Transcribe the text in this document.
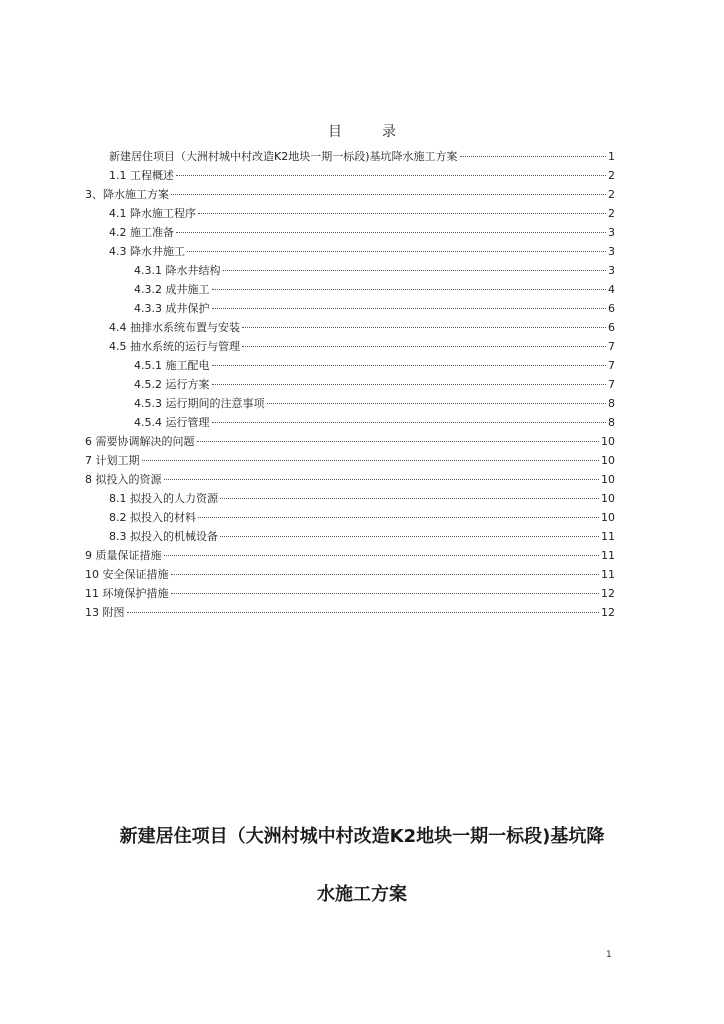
目	录
新建居住项目（大洲村城中村改造K2地块一期一标段)基坑降水施工方案	1
1.1 工程概述	2
3、降水施工方案	2
4.1 降水施工程序	2
4.2 施工准备	3
4.3 降水井施工	3
4.3.1 降水井结构	3
4.3.2 成井施工	4
4.3.3 成井保护	6
4.4 抽排水系统布置与安装	6
4.5 抽水系统的运行与管理	7
4.5.1 施工配电	7
4.5.2 运行方案	7
4.5.3 运行期间的注意事项	8
4.5.4 运行管理	8
6 需要协调解决的问题	10
7 计划工期	10
8 拟投入的资源	10
8.1 拟投入的人力资源	10
8.2 拟投入的材料	10
8.3 拟投入的机械设备	11
9 质量保证措施	11
10 安全保证措施	11
11 环境保护措施	12
13 附图	12
新建居住项目（大洲村城中村改造K2地块一期一标段)基坑降
水施工方案
1
